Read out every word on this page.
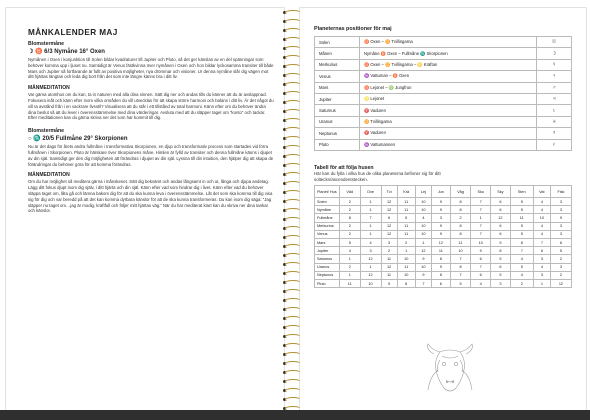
MÅNKALENDER MAJ
Blomstermåne
☽ ♉ 6/3 Nymåne 16° Oxen

Nymånen i Oxen i konjunktion till Solen bildar kvadraturer till Jupiter och Pluto, så det ger känslan av en del spänningar som behöver komma upp i ljuset nu. Samtidigt är Venus fästkvinna över nymånen i Oxen och hon bildar lyckosamma transiter till både Mars och Jupiter så fortfarande är fullt av positiva möjligheter, nya drömmar och visioner. Ur denna nymåne slår dig vägen mot ditt hjärtas längtan och leda dig bort från det som inte längre känns bra i ditt liv.

MÅNMEDITATION

Var gärna utomhus om du kan, ta in naturen med alla dina sinnen. Sätt dig ner och andas tills du känner att du är avslappnad. Fokusera inåt och känn efter inom vilka områden du vill utvecklas för att skapa större harmoni och balans i ditt liv. Är det något du vill ta avstånd från i en vackrare livsstil? Visualisera att du står i ett tillstånd av total harmoni. Känn efter om du behöver ändra dina beslut så att du lever i överensstämmelse med dina värderingar. Avsluta med att du släpper taget om ”konto” och tackar. Efter meditationen kan du gärna skriva ner det som har kommit till dig.

Blomstermåne
○ ♏ 20/5 Fullmåne 29° Skorpionen

Nu är det dags för årets andra fullmåne i transformativa Skorpionen, en djup och transformativ process som startades vid förra fullmånen i Skorpionen. Pluto är härskare över Skorpionens måne. Himlen är fylld av transiter och denna fullmåne känns i djupet av din själ. Samtidigt ger den dig möjligheten att förändras i djupet av din själ. Lyssna till din intuition, den hjälper dig att skapa de förändringar du behöver göra för att komma förändras.

MÅNMEDITATION

Om du har möjlighet så meditera gärna i månskenet. Sätt dig bekvämt och andas långsamt in och ut, långa och djupa andetag. Lägg ditt fokus djupt inom dig själv, i ditt hjärta och din själ. Känn efter vad som hindrar dig i livet. Känn efter vad du behöver släppa taget om, låta gå och lämna bakom dig för att du ska kunna leva i överensstämmelse. Låt det som ska komma till dig visa sig för dig och var beredd på att det kan komma dyrbara känslor för att de ska kunna transformeras. Du kan inom dig säga: ”Jag släpper nu taget om…jag är modig, kraftfull och följer mitt hjärtas väg.” När du har mediterat klart kan du skriva ner dina tankar och känslor.

Planeternas positioner för maj
Solen	♉ Oxen – ♊ Tvillingarna	☉
Månen	Nymåne ♉ Oxen – Fullmåne ♏ Skorpionen	☽
Merkurius	♉ Oxen – ♊ Tvillingarna – ♋ Kräftan	☿
Venus	♒ Vattuman – ♉ Oxen	♀
Mars	♉ Lejonet – ♍ Jungfrun	♂
Jupiter	♌ Lejonet	♃
Saturnus	♈ Vaduren	♄
Uranus	♊ Tvillingarna	♅
Neptunus	♈ Vaduren	♆
Pluto	♒ Vattumannen	♇

Tabell för att följa husen

Här kan du fylla i vilka hus de olika planeterna befinner sig för ditt solteckn/ascendentstecken.

Planet/ Hus	Väd	Oxe	Tvi	Krä	Lej	Jun	Våg	Sko	Sky	Sten	Vat	Fisk
Solen	2	1	12	11	10	9	8	7	6	5	4	3
Nymåne	2	1	12	11	10	9	8	7	6	5	4	3
Fullmåne	8	7	6	5	4	3	2	1	12	11	10	9
Merkurius	2	1	12	11	10	9	8	7	6	5	4	3
Venus	2	1	12	11	10	9	8	7	6	5	4	3
Mars	5	4	3	2	1	12	11	10	9	8	7	6
Jupiter	4	3	2	1	12	11	10	9	8	7	6	5
Saturnus	1	12	11	10	9	8	7	6	5	4	3	2
Uranus	2	1	12	11	10	9	8	7	6	5	4	3
Neptunus	1	12	11	10	9	8	7	6	5	4	3	2
Pluto	11	10	9	8	7	6	5	4	3	2	1	12
